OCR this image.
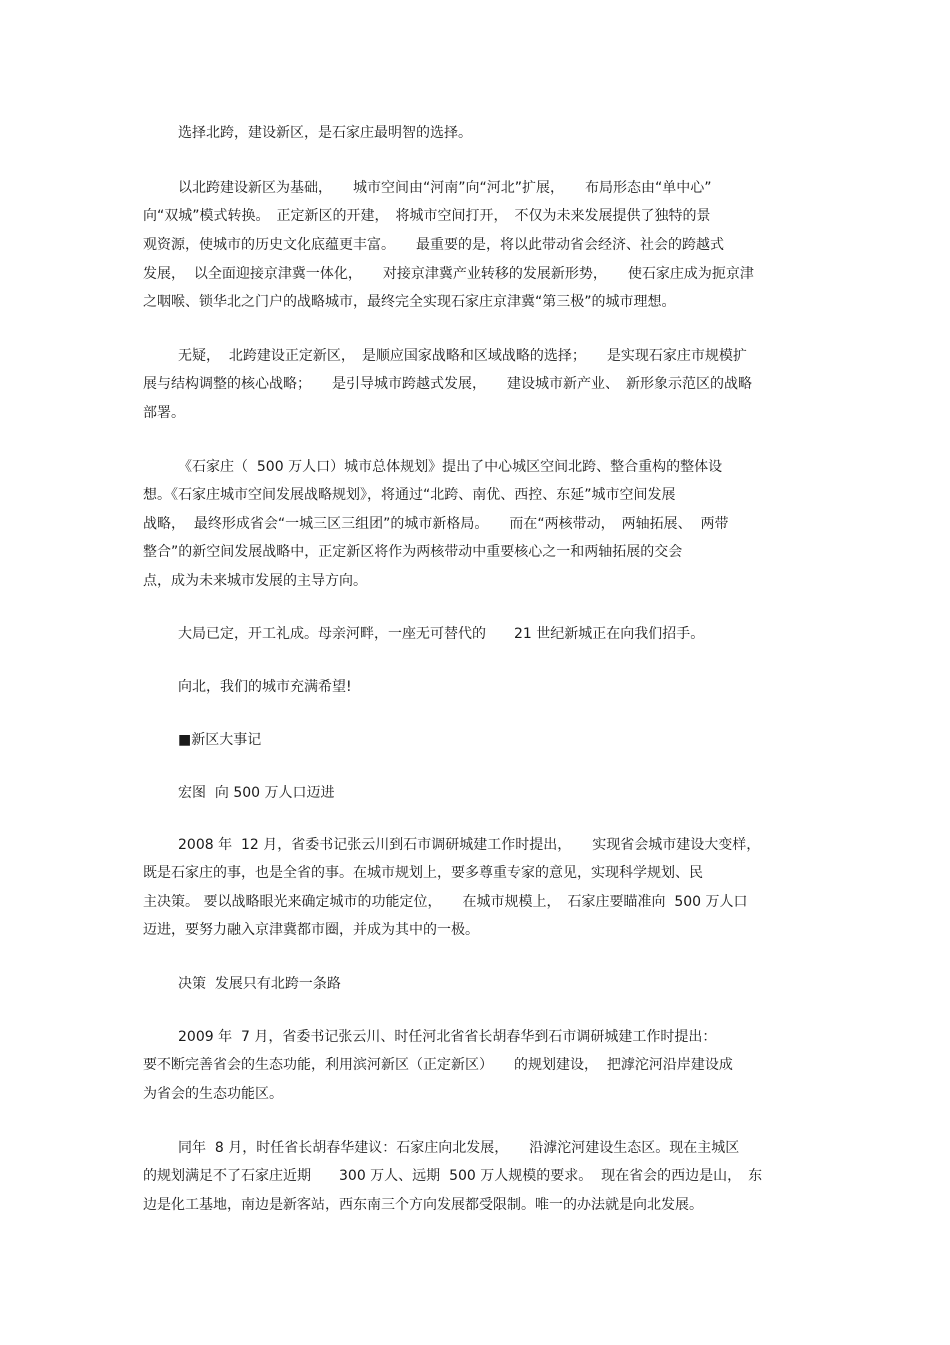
选择北跨，建设新区，是石家庄最明智的选择。
以北跨建设新区为基础，　　城市空间由“河南”向“河北”扩展，　　布局形态由“单中心”
向“双城”模式转换。　正定新区的开建，　将城市空间打开，　不仅为未来发展提供了独特的景
观资源，使城市的历史文化底蕴更丰富。　　最重要的是，将以此带动省会经济、社会的跨越式
发展，  以全面迎接京津冀一体化，　　对接京津冀产业转移的发展新形势，　　使石家庄成为扼京津
之咽喉、锁华北之门户的战略城市，最终完全实现石家庄京津冀“第三极”的城市理想。
无疑，  北跨建设正定新区，　是顺应国家战略和区域战略的选择；　　是实现石家庄市规模扩
展与结构调整的核心战略；　　是引导城市跨越式发展，　　建设城市新产业、　新形象示范区的战略
部署。
《石家庄（  500 万人口）城市总体规划》提出了中心城区空间北跨、整合重构的整体设
想。《石家庄城市空间发展战略规划》，将通过“北跨、南优、西控、东延”城市空间发展
战略，  最终形成省会“一城三区三组团”的城市新格局。　　而在“两核带动，　两轴拓展、  两带
整合”的新空间发展战略中，正定新区将作为两核带动中重要核心之一和两轴拓展的交会
点，成为未来城市发展的主导方向。
大局已定，开工礼成。母亲河畔，一座无可替代的　　21 世纪新城正在向我们招手。
向北，我们的城市充满希望!
■新区大事记
宏图  向 500 万人口迈进
2008 年  12 月，省委书记张云川到石市调研城建工作时提出，　　实现省会城市建设大变样，
既是石家庄的事，也是全省的事。在城市规划上，要多尊重专家的意见，实现科学规划、民
主决策。 要以战略眼光来确定城市的功能定位，　　在城市规模上，　石家庄要瞄准向  500 万人口
迈进，要努力融入京津冀都市圈，并成为其中的一极。
决策  发展只有北跨一条路
2009 年  7 月，省委书记张云川、时任河北省省长胡春华到石市调研城建工作时提出：
要不断完善省会的生态功能，利用滨河新区（正定新区）　　的规划建设，  把滹沱河沿岸建设成
为省会的生态功能区。
同年  8 月，时任省长胡春华建议：石家庄向北发展，　　沿滹沱河建设生态区。现在主城区
的规划满足不了石家庄近期　　300 万人、远期  500 万人规模的要求。  现在省会的西边是山，　东
边是化工基地，南边是新客站，西东南三个方向发展都受限制。唯一的办法就是向北发展。
